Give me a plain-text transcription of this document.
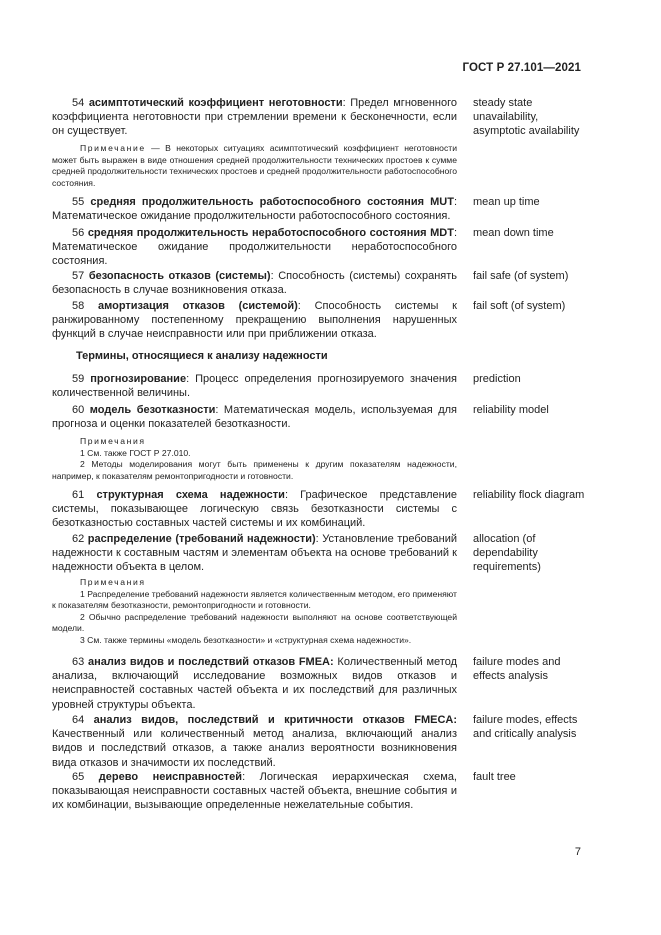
ГОСТ Р 27.101—2021
54 асимптотический коэффициент неготовности: Предел мгновенного коэффициента неготовности при стремлении времени к бесконечности, если он существует.
steady state unavailability, asymptotic availability
Примечание — В некоторых ситуациях асимптотический коэффициент неготовности может быть выражен в виде отношения средней продолжительности технических простоев к сумме средней продолжительности технических простоев и средней продолжительности работоспособного состояния.
55 средняя продолжительность работоспособного состояния MUT: Математическое ожидание продолжительности работоспособного состояния.
mean up time
56 средняя продолжительность неработоспособного состояния MDT: Математическое ожидание продолжительности неработоспособного состояния.
mean down time
57 безопасность отказов (системы): Способность (системы) сохранять безопасность в случае возникновения отказа.
fail safe (of system)
58 амортизация отказов (системой): Способность системы к ранжированному постепенному прекращению выполнения нарушенных функций в случае неисправности или при приближении отказа.
fail soft (of system)
Термины, относящиеся к анализу надежности
59 прогнозирование: Процесс определения прогнозируемого значения количественной величины.
prediction
60 модель безотказности: Математическая модель, используемая для прогноза и оценки показателей безотказности.
reliability model
Примечания
1 См. также ГОСТ Р 27.010.
2 Методы моделирования могут быть применены к другим показателям надежности, например, к показателям ремонтопригодности и готовности.
61 структурная схема надежности: Графическое представление системы, показывающее логическую связь безотказности системы с безотказностью составных частей системы и их комбинаций.
reliability flock diagram
62 распределение (требований надежности): Установление требований надежности к составным частям и элементам объекта на основе требований к надежности объекта в целом.
allocation (of dependability requirements)
Примечания
1 Распределение требований надежности является количественным методом, его применяют к показателям безотказности, ремонтопригодности и готовности.
2 Обычно распределение требований надежности выполняют на основе соответствующей модели.
3 См. также термины «модель безотказности» и «структурная схема надежности».
63 анализ видов и последствий отказов FMEA: Количественный метод анализа, включающий исследование возможных видов отказов и неисправностей составных частей объекта и их последствий для различных уровней структуры объекта.
failure modes and effects analysis
64 анализ видов, последствий и критичности отказов FMECA: Качественный или количественный метод анализа, включающий анализ видов и последствий отказов, а также анализ вероятности возникновения вида отказов и значимости их последствий.
failure modes, effects and critically analysis
65 дерево неисправностей: Логическая иерархическая схема, показывающая неисправности составных частей объекта, внешние события и их комбинации, вызывающие определенные нежелательные события.
fault tree
7
